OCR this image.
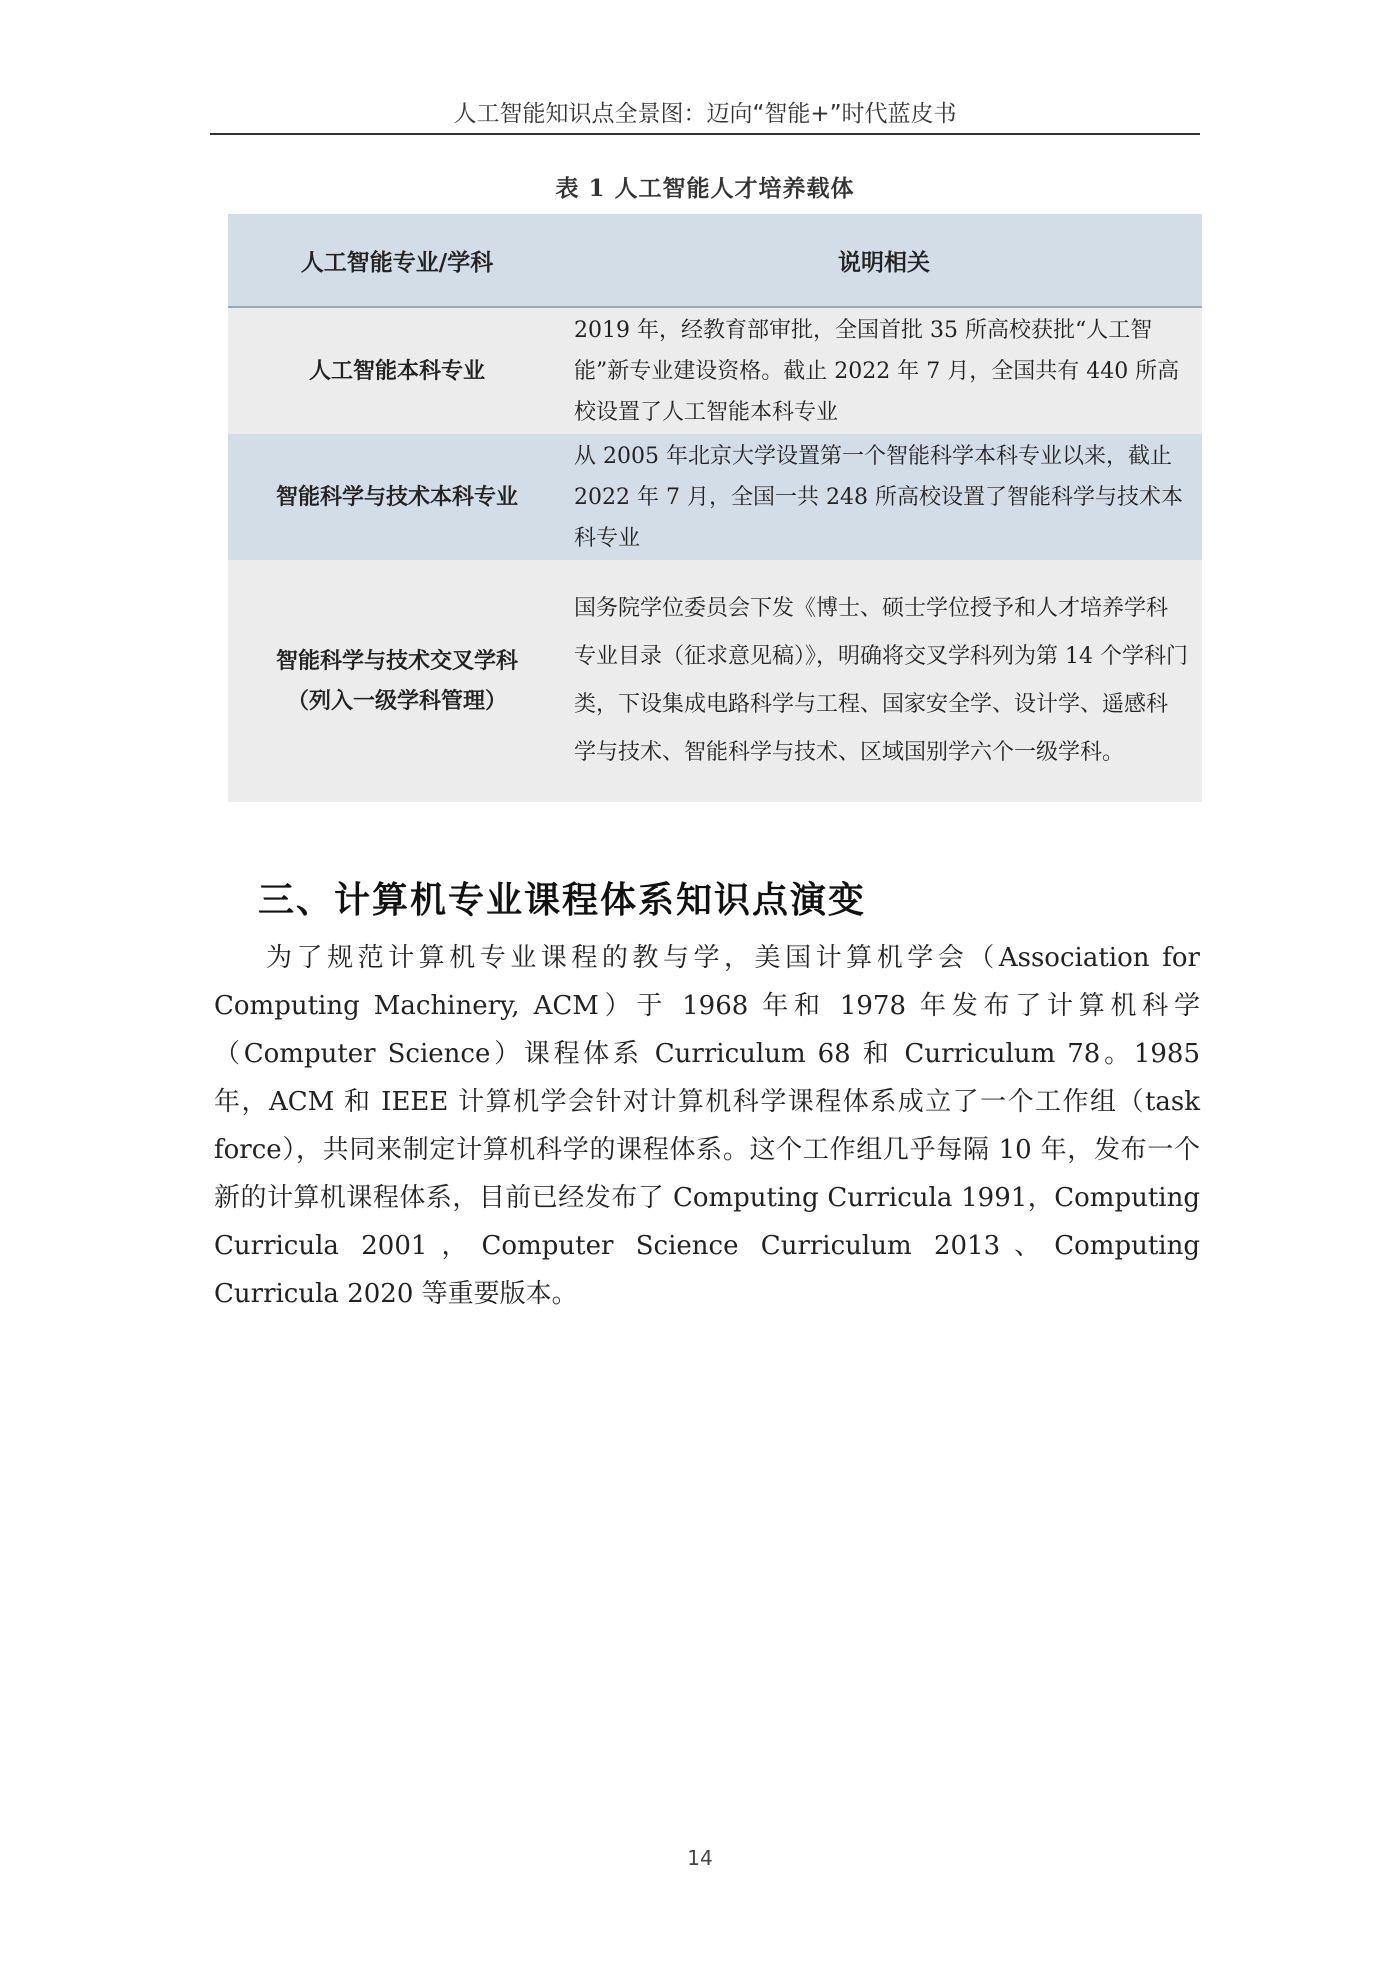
人工智能知识点全景图：迈向“智能+”时代蓝皮书
表 1 人工智能人才培养载体
人工智能专业/学科	说明相关
人工智能本科专业	2019 年，经教育部审批，全国首批 35 所高校获批“人工智能”新专业建设资格。截止 2022 年 7 月，全国共有 440 所高校设置了人工智能本科专业
智能科学与技术本科专业	从 2005 年北京大学设置第一个智能科学本科专业以来，截止 2022 年 7 月，全国一共 248 所高校设置了智能科学与技术本科专业

智能科学与技术交叉学科
（列入一级学科管理）	国务院学位委员会下发《博士、硕士学位授予和人才培养学科专业目录（征求意见稿）》，明确将交叉学科列为第 14 个学科门类，下设集成电路科学与工程、国家安全学、设计学、遥感科学与技术、智能科学与技术、区域国别学六个一级学科。
三、计算机专业课程体系知识点演变
为了规范计算机专业课程的教与学，美国计算机学会（Association for Computing Machinery, ACM）于 1968 年和 1978 年发布了计算机科学（Computer Science）课程体系 Curriculum 68 和 Curriculum 78。1985 年，ACM 和 IEEE 计算机学会针对计算机科学课程体系成立了一个工作组（task force），共同来制定计算机科学的课程体系。这个工作组几乎每隔 10 年，发布一个新的计算机课程体系，目前已经发布了 Computing Curricula 1991，Computing Curricula 2001，Computer Science Curriculum 2013、Computing Curricula 2020 等重要版本。
14
